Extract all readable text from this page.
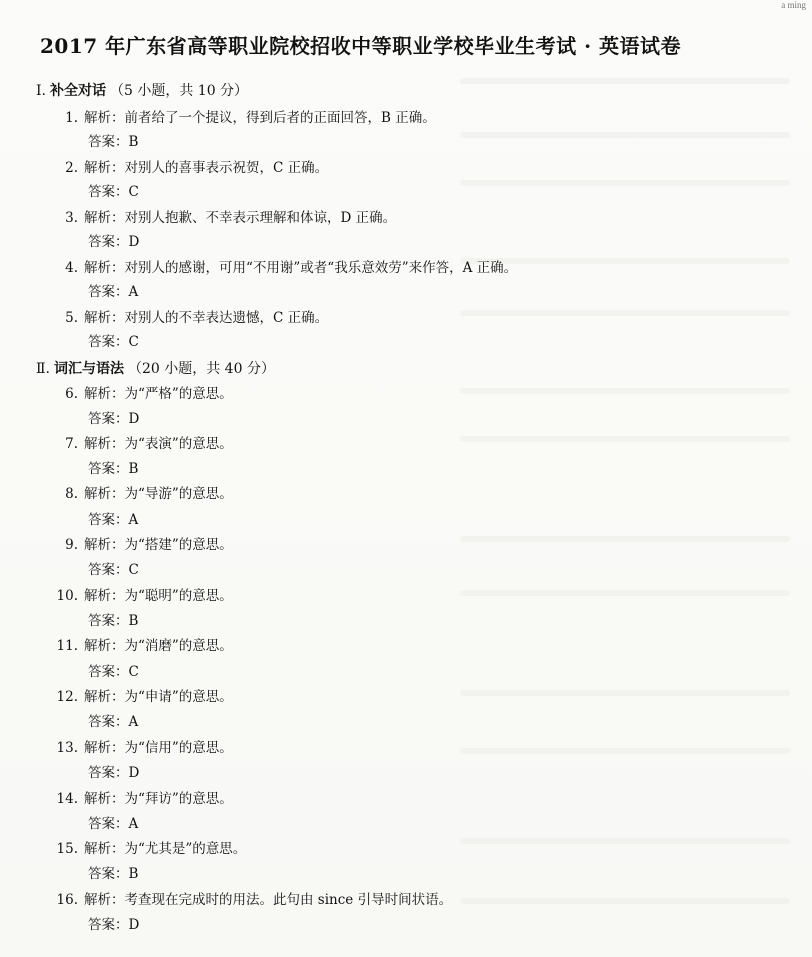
a ming
2017 年广东省高等职业院校招收中等职业学校毕业生考试 · 英语试卷
Ⅰ. 补全对话 （5 小题，共 10 分）
1. 解析：前者给了一个提议，得到后者的正面回答，B 正确。
答案：B
2. 解析：对别人的喜事表示祝贺，C 正确。
答案：C
3. 解析：对别人抱歉、不幸表示理解和体谅，D 正确。
答案：D
4. 解析：对别人的感谢，可用“不用谢”或者“我乐意效劳”来作答，A 正确。
答案：A
5. 解析：对别人的不幸表达遗憾，C 正确。
答案：C
Ⅱ. 词汇与语法 （20 小题，共 40 分）
6. 解析：为“严格”的意思。
答案：D
7. 解析：为“表演”的意思。
答案：B
8. 解析：为“导游”的意思。
答案：A
9. 解析：为“搭建”的意思。
答案：C
10. 解析：为“聪明”的意思。
答案：B
11. 解析：为“消磨”的意思。
答案：C
12. 解析：为“申请”的意思。
答案：A
13. 解析：为“信用”的意思。
答案：D
14. 解析：为“拜访”的意思。
答案：A
15. 解析：为“尤其是”的意思。
答案：B
16. 解析：考查现在完成时的用法。此句由 since 引导时间状语。
答案：D
